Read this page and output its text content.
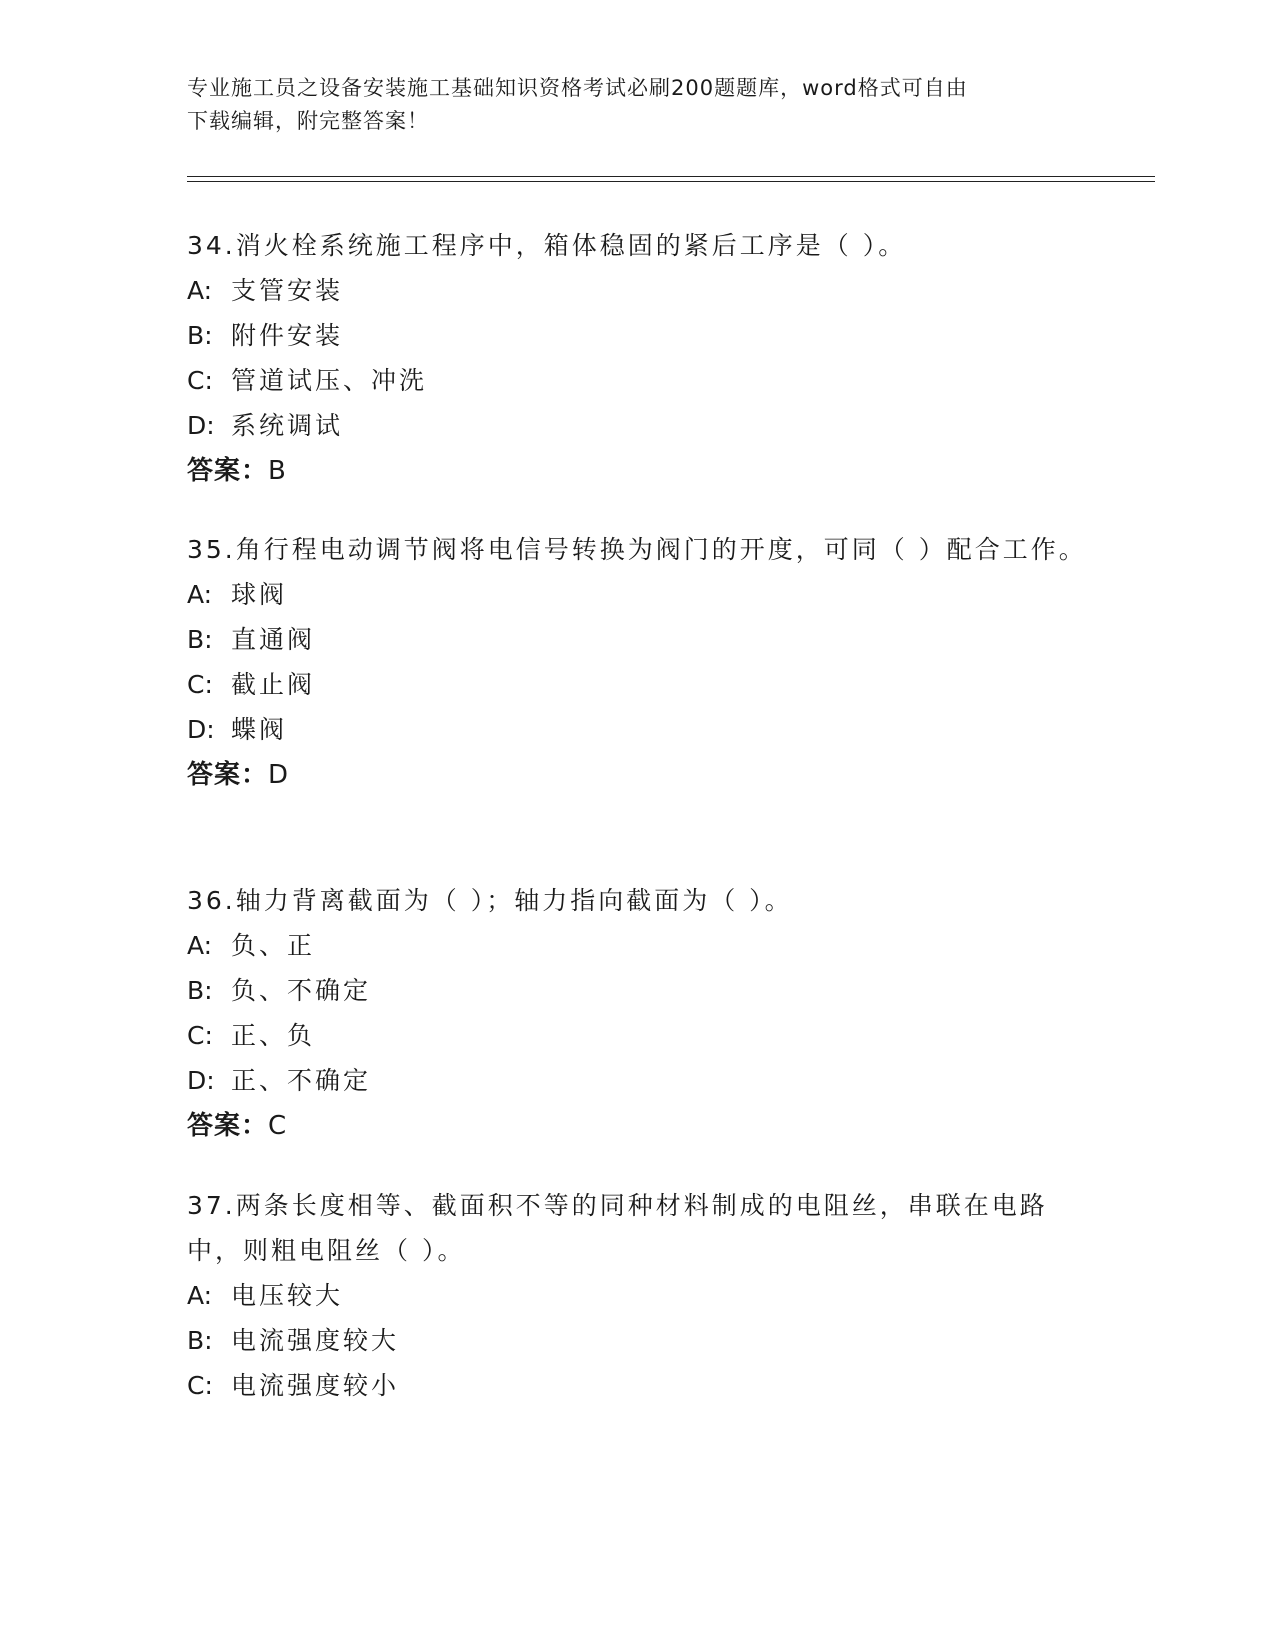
专业施工员之设备安装施工基础知识资格考试必刷200题题库，word格式可自由
下载编辑，附完整答案！

34.消火栓系统施工程序中，箱体稳固的紧后工序是（ ）。

A: 支管安装

B: 附件安装

C: 管道试压、冲洗

D: 系统调试

答案：B

35.角行程电动调节阀将电信号转换为阀门的开度，可同（ ）配合工作。

A: 球阀

B: 直通阀

C: 截止阀

D: 蝶阀

答案：D

36.轴力背离截面为（ ）；轴力指向截面为（ ）。

A: 负、正

B: 负、不确定

C: 正、负

D: 正、不确定

答案：C

37.两条长度相等、截面积不等的同种材料制成的电阻丝，串联在电路中，则粗电阻丝（ ）。

A: 电压较大

B: 电流强度较大

C: 电流强度较小
